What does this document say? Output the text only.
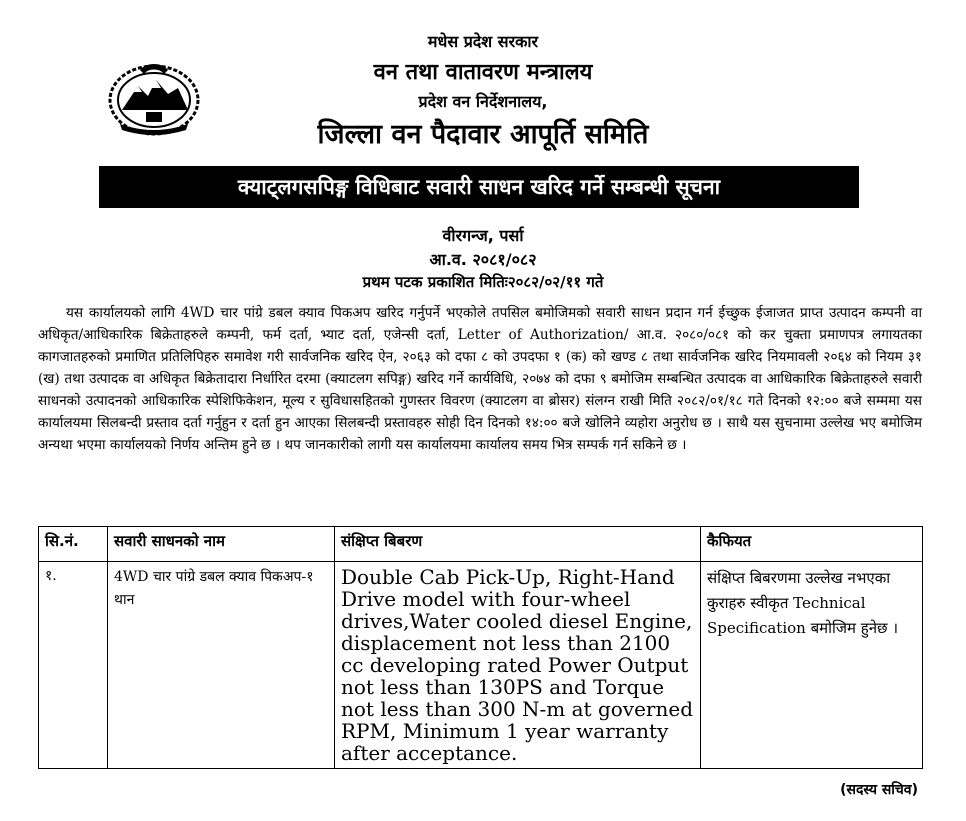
मधेस प्रदेश सरकार
वन तथा वातावरण मन्त्रालय
प्रदेश वन निर्देशनालय,
जिल्ला वन पैदावार आपूर्ति समिति
क्याट्लगसपिङ्ग विधिबाट सवारी साधन खरिद गर्ने सम्बन्धी सूचना
वीरगन्ज, पर्सा
आ.व. २०८१/०८२
प्रथम पटक प्रकाशित मितिः२०८२/०२/११ गते

यस कार्यालयको लागि 4WD चार पांग्रे डबल क्याव पिकअप खरिद गर्नुपर्ने भएकोले तपसिल बमोजिमको सवारी साधन प्रदान गर्न ईच्छुक ईजाजत प्राप्त उत्पादन कम्पनी वा अधिकृत/आधिकारिक बिक्रेताहरुले कम्पनी, फर्म दर्ता, भ्याट दर्ता, एजेन्सी दर्ता, Letter of Authorization/ आ.व. २०८०/०८१ को कर चुक्ता प्रमाणपत्र लगायतका कागजातहरुको प्रमाणित प्रतिलिपिहरु समावेश गरी सार्वजनिक खरिद ऐन, २०६३ को दफा ८ को उपदफा १ (क) को खण्ड ८ तथा सार्वजनिक खरिद नियमावली २०६४ को नियम ३१ (ख) तथा उत्पादक वा अधिकृत बिक्रेतादारा निर्धारित दरमा (क्याटलग सपिङ्ग) खरिद गर्ने कार्यविधि, २०७४ को दफा ९ बमोजिम सम्बन्धित उत्पादक वा आधिकारिक बिक्रेताहरुले सवारी साधनको उत्पादनको आधिकारिक स्पेशिफिकेशन, मूल्य र सुविधासहितको गुणस्तर विवरण (क्याटलग वा ब्रोसर) संलग्न राखी मिति २०८२/०१/१८ गते दिनको १२:०० बजे सम्ममा यस कार्यालयमा सिलबन्दी प्रस्ताव दर्ता गर्नुहुन र दर्ता हुन आएका सिलबन्दी प्रस्तावहरु सोही दिन दिनको १४:०० बजे खोलिने व्यहोरा अनुरोध छ । साथै यस सुचनामा उल्लेख भए बमोजिम अन्यथा भएमा कार्यालयको निर्णय अन्तिम हुने छ । थप जानकारीको लागी यस कार्यालयमा कार्यालय समय भित्र सम्पर्क गर्न सकिने छ ।

सि.नं.	सवारी साधनको नाम	संक्षिप्त बिबरण	कैफियत
१.	4WD चार पांग्रे डबल क्याव पिकअप-१ थान	Double Cab Pick-Up, Right-Hand Drive model with four-wheel drives,Water cooled diesel Engine, displacement not less than 2100 cc developing rated Power Output not less than 130PS and Torque not less than 300 N-m at governed RPM, Minimum 1 year warranty after acceptance.	संक्षिप्त बिबरणमा उल्लेख नभएका कुराहरु स्वीकृत Technical Specification बमोजिम हुनेछ ।
(सदस्य सचिव)
